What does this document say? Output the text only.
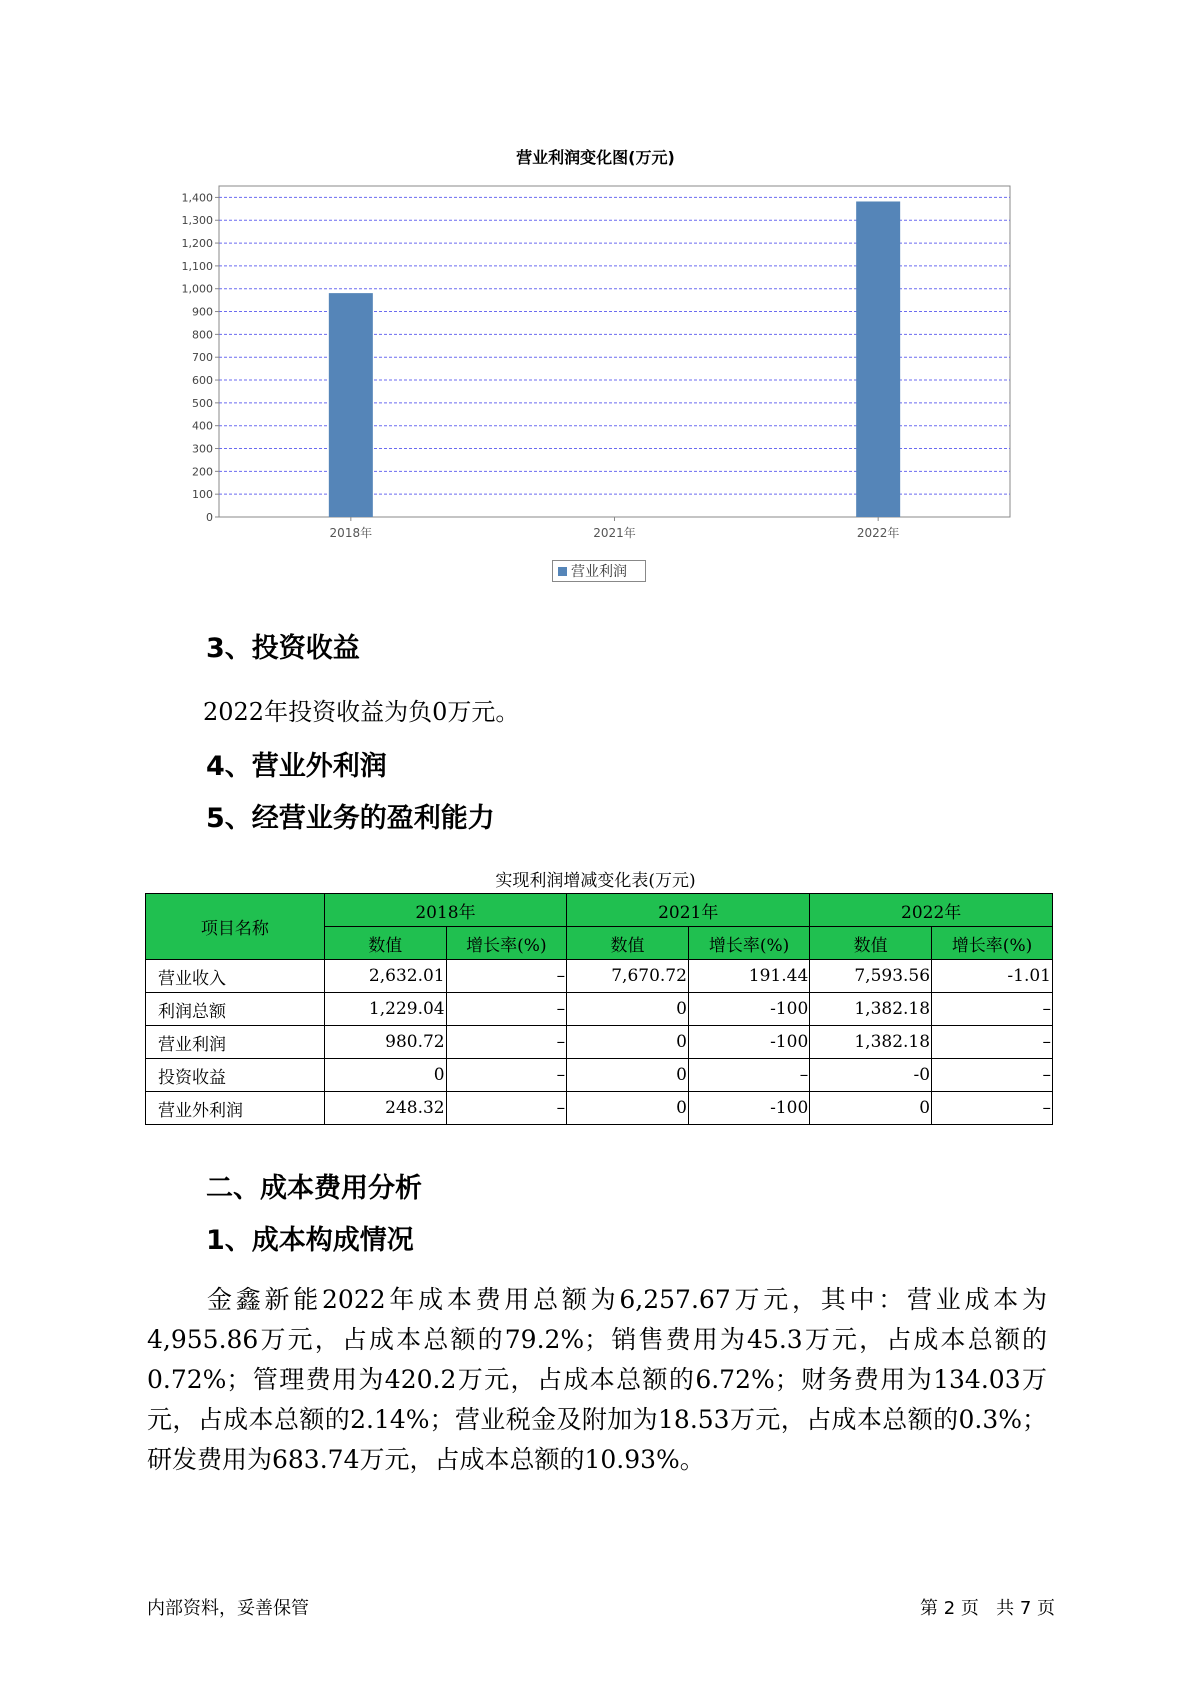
营业利润变化图(万元)
0
100
200
300
400
500
600
700
800
900
1,000
1,100
1,200
1,300
1,400
2018年	2021年	2022年
营业利润
3、投资收益
2022年投资收益为负0万元。
4、营业外利润
5、经营业务的盈利能力
实现利润增减变化表(万元)
项目名称	2018年		2021年		2022年	
	数值	增长率(%)	数值	增长率(%)	数值	增长率(%)
营业收入	2,632.01	–	7,670.72	191.44	7,593.56	-1.01
利润总额	1,229.04	–	0	-100	1,382.18	–
营业利润	980.72	–	0	-100	1,382.18	–
投资收益	0	–	0	–	-0	–
营业外利润	248.32	–	0	-100	0	–
二、成本费用分析
1、成本构成情况
金鑫新能2022年成本费用总额为6,257.67万元，其中：营业成本为4,955.86万元，占成本总额的79.2%；销售费用为45.3万元，占成本总额的0.72%；管理费用为420.2万元，占成本总额的6.72%；财务费用为134.03万元，占成本总额的2.14%；营业税金及附加为18.53万元，占成本总额的0.3%；研发费用为683.74万元，占成本总额的10.93%。
内部资料，妥善保管	第 2 页   共 7 页
